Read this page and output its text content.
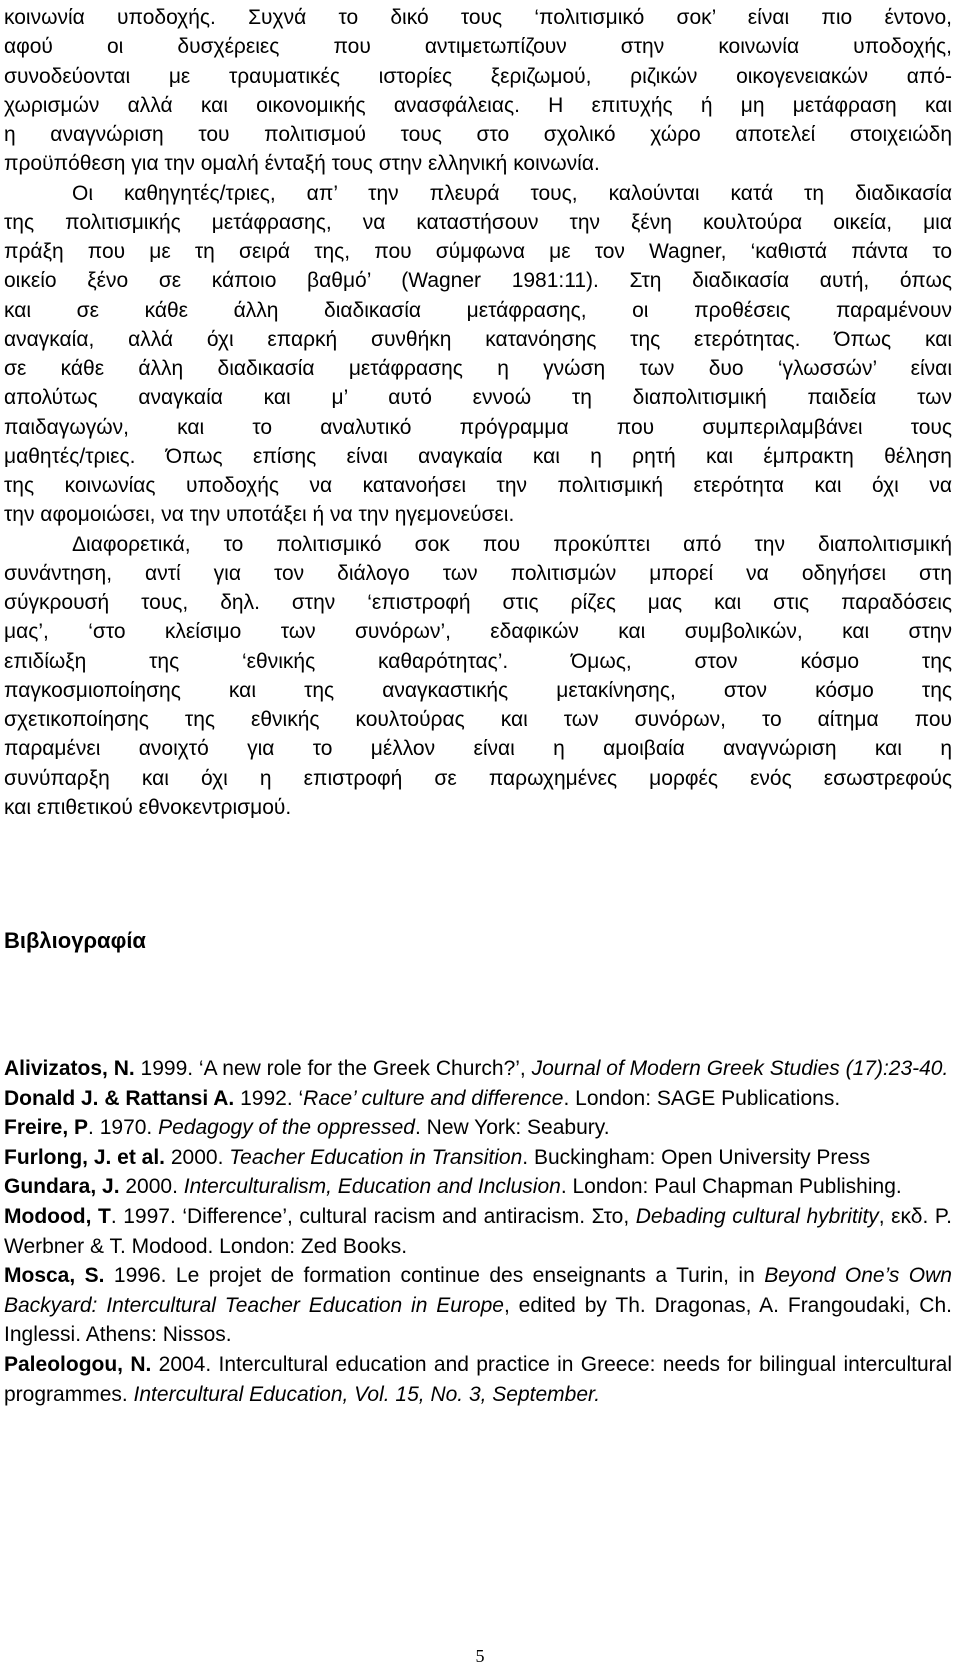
κοινωνία υποδοχής. Συχνά το δικό τους ‘πολιτισμικό σοκ’ είναι πιο έντονο,
αφού οι δυσχέρειες που αντιμετωπίζουν στην κοινωνία υποδοχής,
συνοδεύονται με τραυματικές ιστορίες ξεριζωμού, ριζικών οικογενειακών από-
χωρισμών αλλά και οικονομικής ανασφάλειας. Η επιτυχής ή μη μετάφραση και
η αναγνώριση του πολιτισμού τους στο σχολικό χώρο αποτελεί στοιχειώδη
προϋπόθεση για την ομαλή ένταξή τους στην ελληνική κοινωνία.
Οι καθηγητές/τριες, απ’ την πλευρά τους, καλούνται κατά τη διαδικασία
της πολιτισμικής μετάφρασης, να καταστήσουν την ξένη κουλτούρα οικεία, μια
πράξη που με τη σειρά της, που σύμφωνα με τον Wagner, ‘καθιστά πάντα το
οικείο ξένο σε κάποιο βαθμό’ (Wagner 1981:11). Στη διαδικασία αυτή, όπως
και σε κάθε άλλη διαδικασία μετάφρασης, οι προθέσεις παραμένουν
αναγκαία, αλλά όχι επαρκή συνθήκη κατανόησης της ετερότητας. Όπως και
σε κάθε άλλη διαδικασία μετάφρασης η γνώση των δυο ‘γλωσσών’ είναι
απολύτως αναγκαία και μ’ αυτό εννοώ τη διαπολιτισμική παιδεία των
παιδαγωγών, και το αναλυτικό πρόγραμμα που συμπεριλαμβάνει τους
μαθητές/τριες. Όπως επίσης είναι αναγκαία και η ρητή και έμπρακτη θέληση
της κοινωνίας υποδοχής να κατανοήσει την πολιτισμική ετερότητα και όχι να
την αφομοιώσει, να την υποτάξει ή να την ηγεμονεύσει.
Διαφορετικά, το πολιτισμικό σοκ που προκύπτει από την διαπολιτισμική
συνάντηση, αντί για τον διάλογο των πολιτισμών μπορεί να οδηγήσει στη
σύγκρουσή τους, δηλ. στην ‘επιστροφή στις ρίζες μας και στις παραδόσεις
μας’, ‘στο κλείσιμο των συνόρων’, εδαφικών και συμβολικών, και στην
επιδίωξη της ‘εθνικής καθαρότητας’. Όμως, στον κόσμο της
παγκοσμιοποίησης και της αναγκαστικής μετακίνησης, στον κόσμο της
σχετικοποίησης της εθνικής κουλτούρας και των συνόρων, το αίτημα που
παραμένει ανοιχτό για το μέλλον είναι η αμοιβαία αναγνώριση και η
συνύπαρξη και όχι η επιστροφή σε παρωχημένες μορφές ενός εσωστρεφούς
και επιθετικού εθνοκεντρισμού.
Βιβλιογραφία

Alivizatos, N. 1999. ‘A new role for the Greek Church?’, Journal of Modern Greek Studies (17):23-40.

Donald J. & Rattansi A. 1992. ‘Race’ culture and difference. London: SAGE Publications.

Freire, P. 1970. Pedagogy of the oppressed. New York: Seabury.

Furlong, J. et al. 2000. Teacher Education in Transition. Buckingham: Open University Press

Gundara, J. 2000. Interculturalism, Education and Inclusion. London: Paul Chapman Publishing.

Modood, T. 1997. ‘Difference’, cultural racism and antiracism. Στο, Debading cultural hybritity, εκδ. P. Werbner & T. Modood. London: Zed Books.

Mosca, S. 1996. Le projet de formation continue des enseignants a Turin, in Beyond One’s Own Backyard: Intercultural Teacher Education in Europe, edited by Th. Dragonas, A. Frangoudaki, Ch. Inglessi. Athens: Nissos.

Paleologou, N. 2004. Intercultural education and practice in Greece: needs for bilingual intercultural programmes. Intercultural Education, Vol. 15, No. 3, September.

5
